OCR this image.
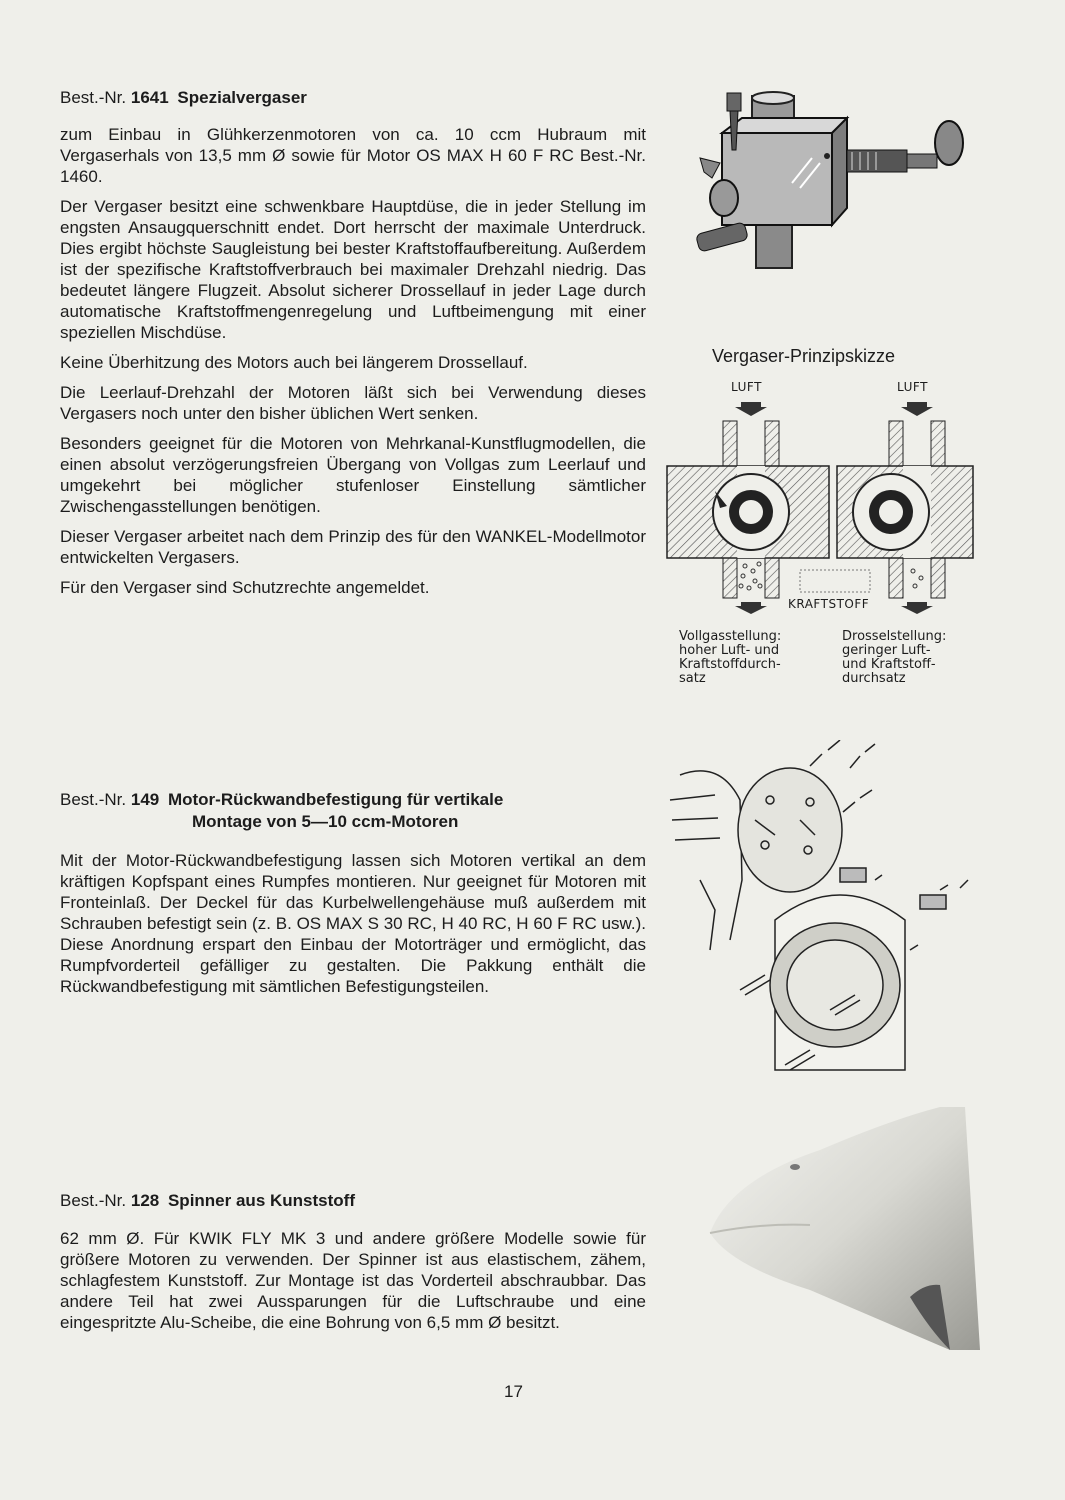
Best.-Nr. 1641 Spezialvergaser

zum Einbau in Glühkerzenmotoren von ca. 10 ccm Hubraum mit Vergaserhals von 13,5 mm Ø sowie für Motor OS MAX H 60 F RC Best.-Nr. 1460.

Der Vergaser besitzt eine schwenkbare Hauptdüse, die in jeder Stellung im engsten Ansaugquerschnitt endet. Dort herrscht der maximale Unterdruck. Dies ergibt höchste Saugleistung bei bester Kraftstoffaufbereitung. Außerdem ist der spezifische Kraftstoffverbrauch bei maximaler Drehzahl niedrig. Das bedeutet längere Flugzeit. Absolut sicherer Drossellauf in jeder Lage durch automatische Kraftstoffmengenregelung und Luftbeimengung mit einer speziellen Mischdüse.

Keine Überhitzung des Motors auch bei längerem Drossellauf.

Die Leerlauf-Drehzahl der Motoren läßt sich bei Verwendung dieses Vergasers noch unter den bisher üblichen Wert senken.

Besonders geeignet für die Motoren von Mehrkanal-Kunstflugmodellen, die einen absolut verzögerungsfreien Übergang von Vollgas zum Leerlauf und umgekehrt bei möglicher stufenloser Einstellung sämtlicher Zwischengasstellungen benötigen.

Dieser Vergaser arbeitet nach dem Prinzip des für den WANKEL-Modellmotor entwickelten Vergasers.

Für den Vergaser sind Schutzrechte angemeldet.

Vergaser-Prinzipskizze
LUFT	LUFT
KRAFTSTOFF
Vollgasstellung:
hoher Luft- und
Kraftstoffdurch-
satz
Drosselstellung:
geringer Luft-
und Kraftstoff-
durchsatz
Best.-Nr. 149 Motor-Rückwandbefestigung für vertikale
Montage von 5—10 ccm-Motoren

Mit der Motor-Rückwandbefestigung lassen sich Motoren vertikal an dem kräftigen Kopfspant eines Rumpfes montieren. Nur geeignet für Motoren mit Fronteinlaß. Der Deckel für das Kurbelwellengehäuse muß außerdem mit Schrauben befestigt sein (z. B. OS MAX S 30 RC, H 40 RC, H 60 F RC usw.). Diese Anordnung erspart den Einbau der Motorträger und ermöglicht, das Rumpfvorderteil gefälliger zu gestalten. Die Pakkung enthält die Rückwandbefestigung mit sämtlichen Befestigungsteilen.

Best.-Nr. 128 Spinner aus Kunststoff

62 mm Ø. Für KWIK FLY MK 3 und andere größere Modelle sowie für größere Motoren zu verwenden. Der Spinner ist aus elastischem, zähem, schlagfestem Kunststoff. Zur Montage ist das Vorderteil abschraubbar. Das andere Teil hat zwei Aussparungen für die Luftschraube und eine eingespritzte Alu-Scheibe, die eine Bohrung von 6,5 mm Ø besitzt.

17
